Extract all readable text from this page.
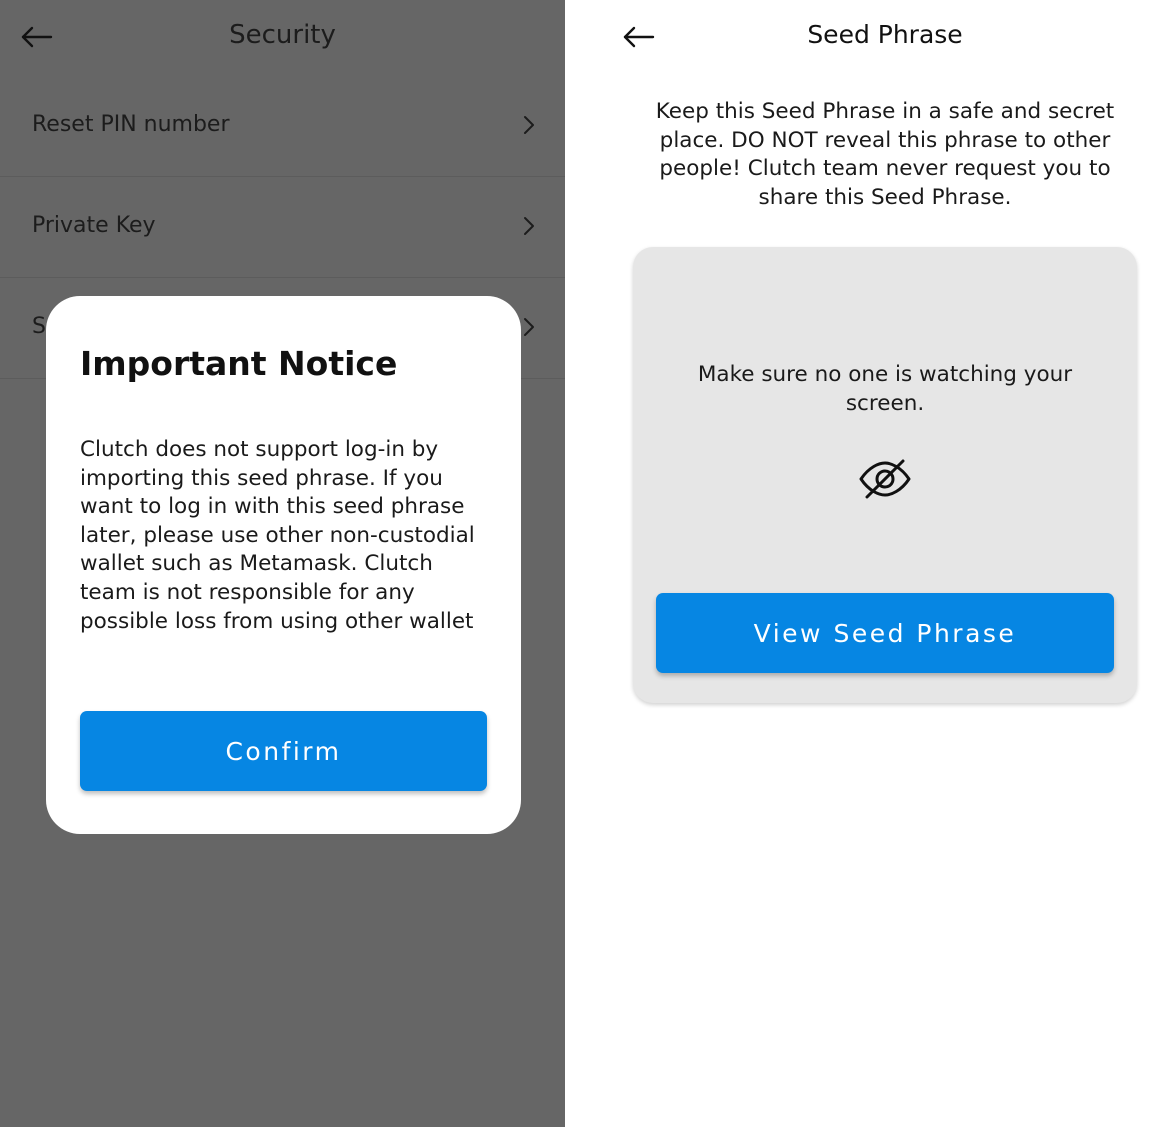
Security
Reset PIN number
Private Key
S
Important Notice
Clutch does not support log-in by importing this seed phrase. If you want to log in with this seed phrase later, please use other non-custodial wallet such as Metamask. Clutch team is not responsible for any possible loss from using other wallet
Confirm
Seed Phrase
Keep this Seed Phrase in a safe and secret place. DO NOT reveal this phrase to other people! Clutch team never request you to share this Seed Phrase.
Make sure no one is watching your screen.
View Seed Phrase
